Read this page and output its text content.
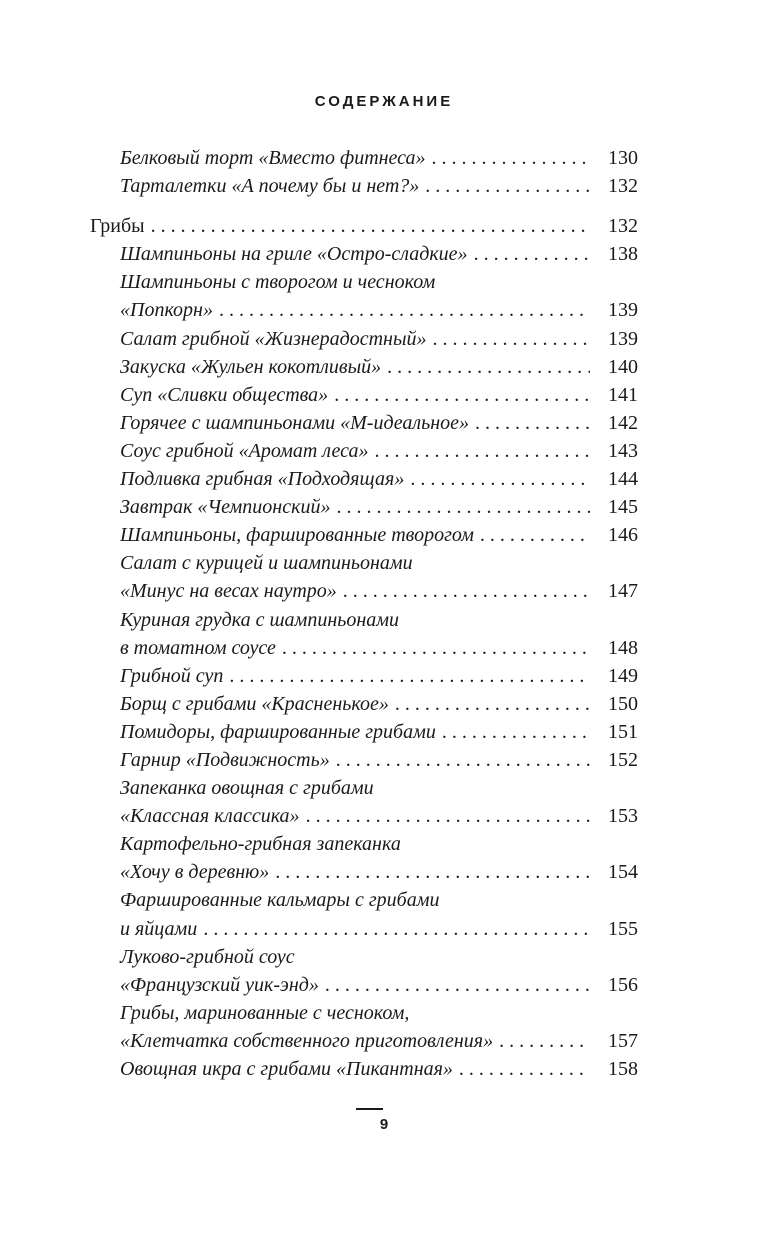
СОДЕРЖАНИЕ
Белковый торт «Вместо фитнеса» . . .	130
Тарталетки «А почему бы и нет?» . . .	132
Грибы . . .	132
Шампиньоны на гриле «Остро-сладкие» . . .	138
Шампиньоны с творогом и чесноком
«Попкорн» . . .	139
Салат грибной «Жизнерадостный» . . .	139
Закуска «Жульен кокотливый» . . .	140
Суп «Сливки общества» . . .	141
Горячее с шампиньонами «М-идеальное» . . .	142
Соус грибной «Аромат леса» . . .	143
Подливка грибная «Подходящая» . . .	144
Завтрак «Чемпионский» . . .	145
Шампиньоны, фаршированные творогом . . .	146
Салат с курицей и шампиньонами
«Минус на весах наутро» . . .	147
Куриная грудка с шампиньонами
в томатном соусе . . .	148
Грибной суп . . .	149
Борщ с грибами «Красненькое» . . .	150
Помидоры, фаршированные грибами . . .	151
Гарнир «Подвижность» . . .	152
Запеканка овощная с грибами
«Классная классика» . . .	153
Картофельно-грибная запеканка
«Хочу в деревню» . . .	154
Фаршированные кальмары с грибами
и яйцами . . .	155
Луково-грибной соус
«Французский уик-энд» . . .	156
Грибы, маринованные с чесноком,
«Клетчатка собственного приготовления» . . .	157
Овощная икра с грибами «Пикантная» . . .	158
9
